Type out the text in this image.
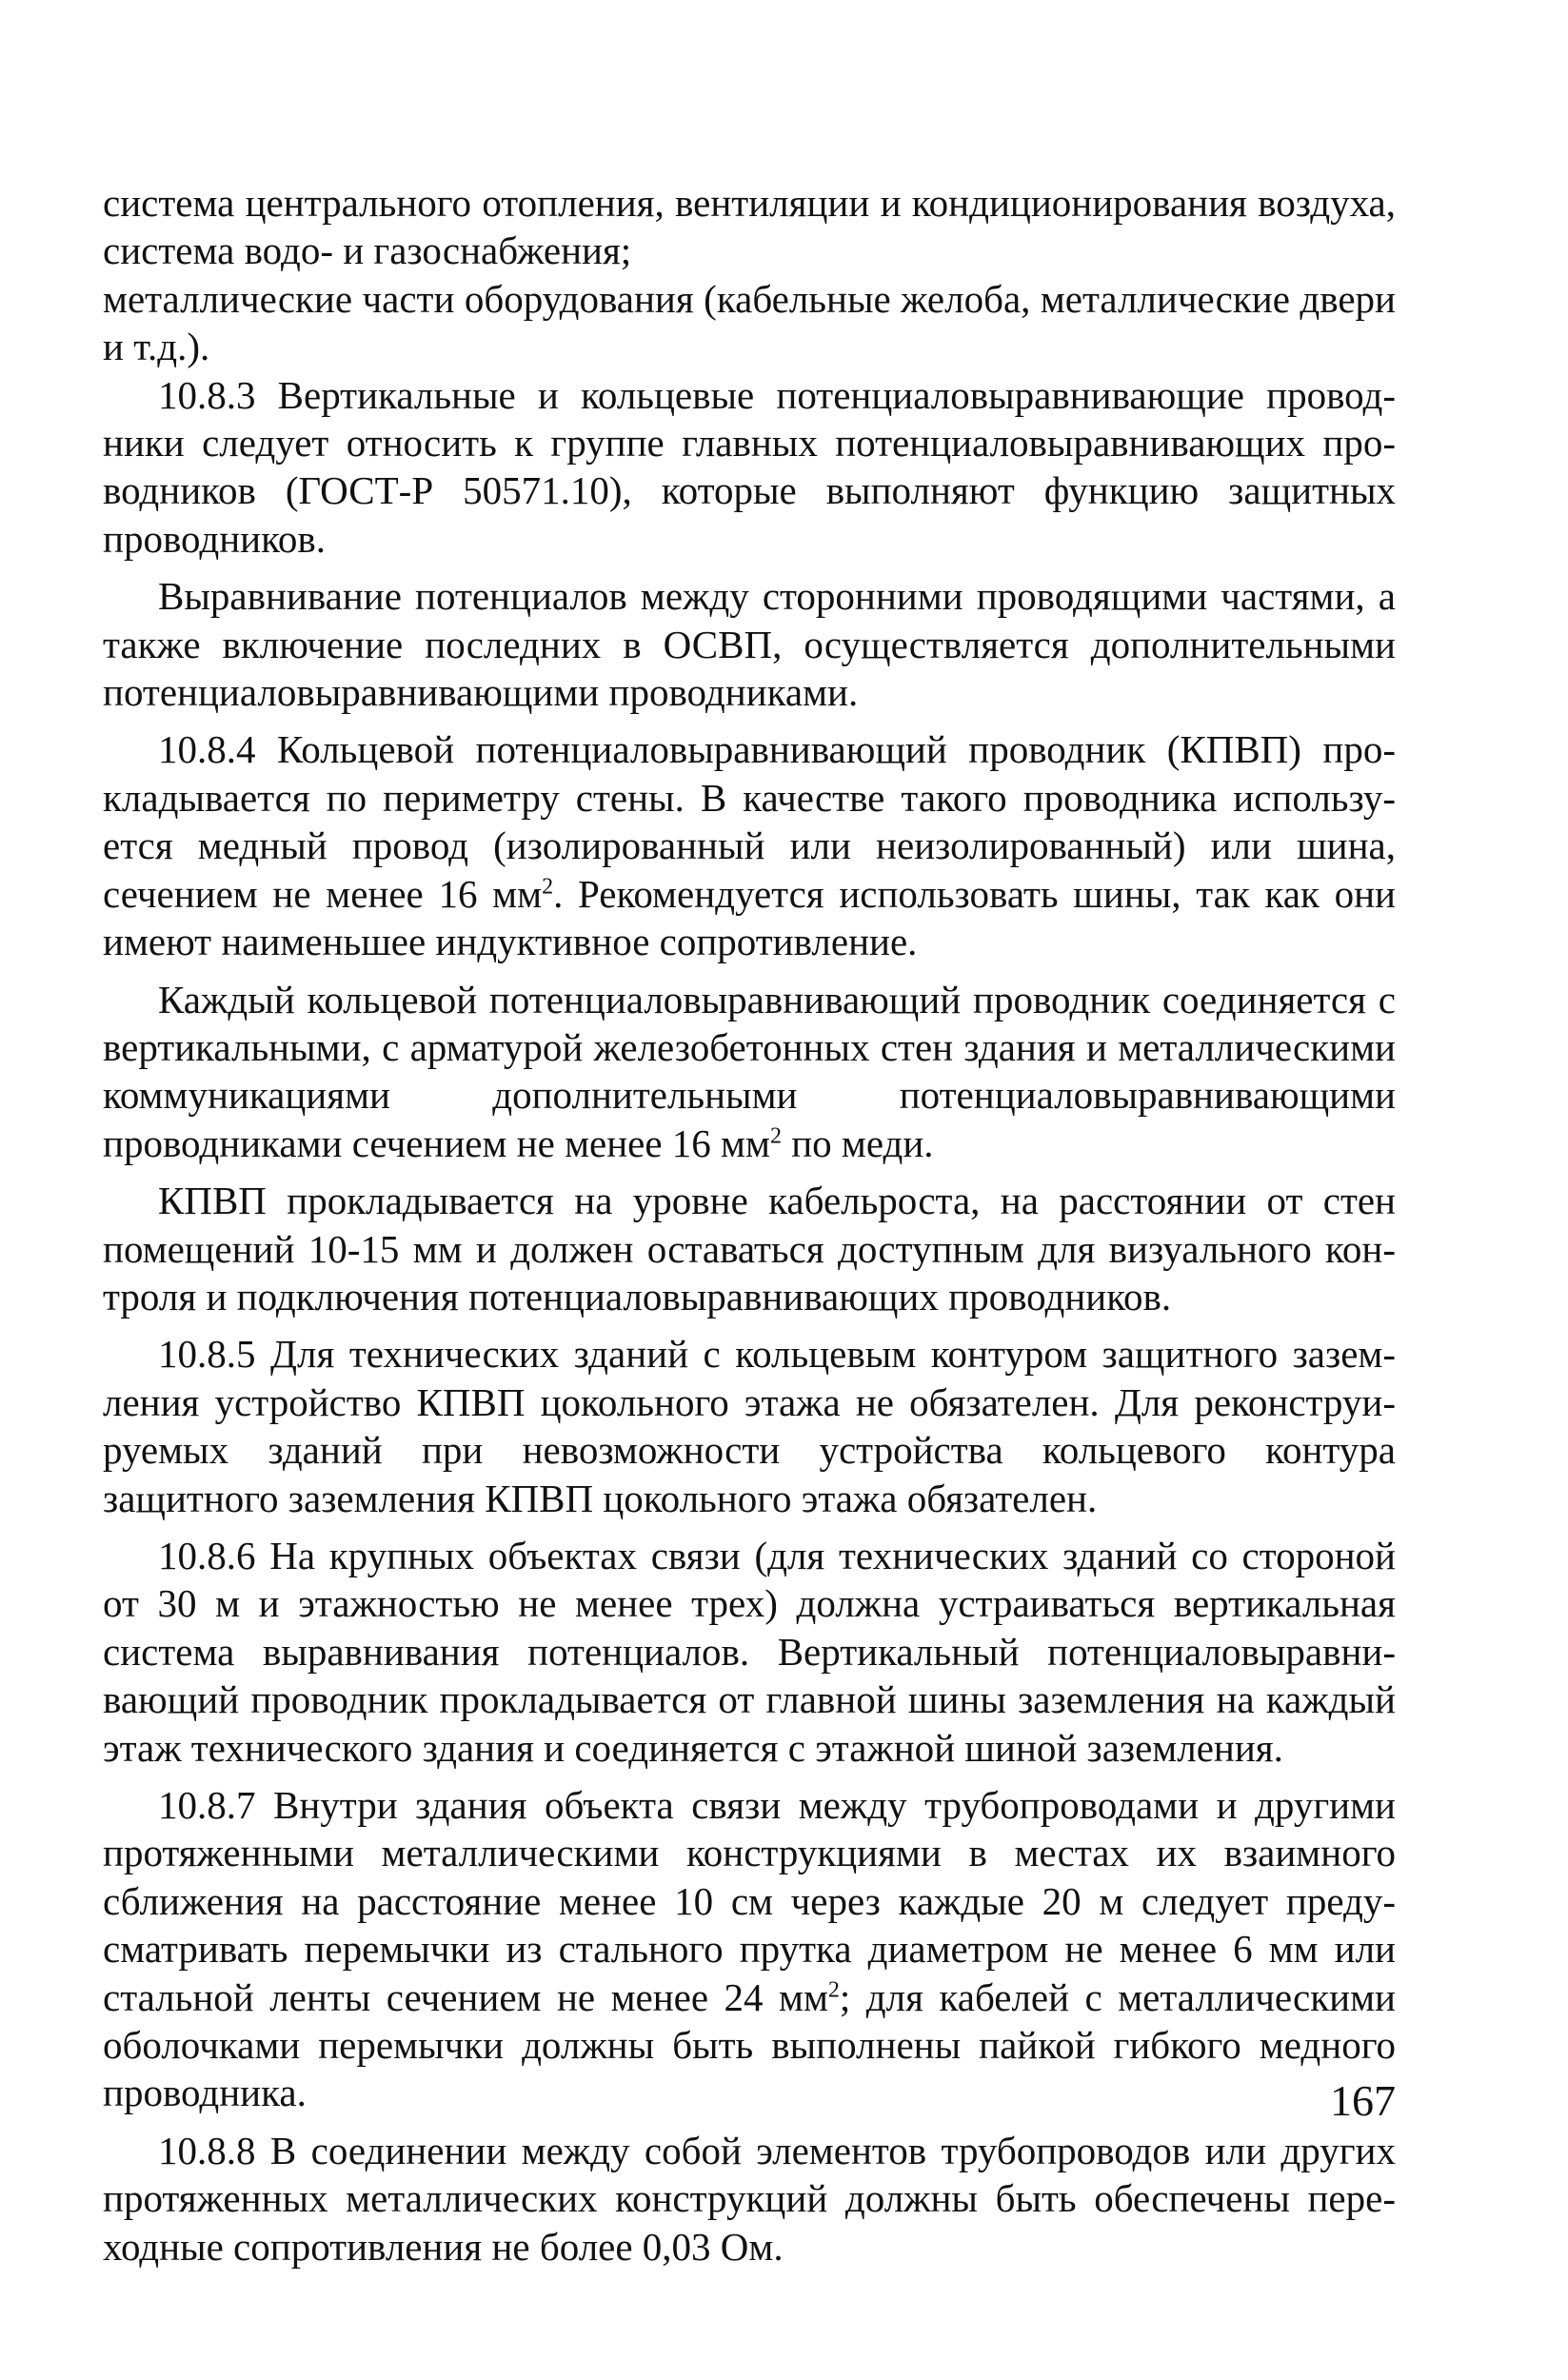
система центрального отопления, вентиляции и кондиционирования воздуха, система водо- и газоснабжения;

металлические части оборудования (кабельные желоба, металлические двери и т.д.).

10.8.3 Вертикальные и кольцевые потенциаловыравнивающие проводники следует относить к группе главных потенциаловыравнивающих проводников (ГОСТ-Р 50571.10), которые выполняют функцию защитных проводников.

Выравнивание потенциалов между сторонними проводящими частями, а также включение последних в ОСВП, осуществляется дополнительными потенциаловыравнивающими проводниками.

10.8.4 Кольцевой потенциаловыравнивающий проводник (КПВП) прокладывается по периметру стены. В качестве такого проводника используется медный провод (изолированный или неизолированный) или шина, сечением не менее 16 $мм^2$. Рекомендуется использовать шины, так как они имеют наименьшее индуктивное сопротивление.

Каждый кольцевой потенциаловыравнивающий проводник соединяется с вертикальными, с арматурой железобетонных стен здания и металлическими коммуникациями дополнительными потенциаловыравнивающими проводниками сечением не менее 16 $мм^2$ по меди.

КПВП прокладывается на уровне кабельроста, на расстоянии от стен помещений 10-15 мм и должен оставаться доступным для визуального контроля и подключения потенциаловыравнивающих проводников.

10.8.5 Для технических зданий с кольцевым контуром защитного заземления устройство КПВП цокольного этажа не обязателен. Для реконструируемых зданий при невозможности устройства кольцевого контура защитного заземления КПВП цокольного этажа обязателен.

10.8.6 На крупных объектах связи (для технических зданий со стороной от 30 м и этажностью не менее трех) должна устраиваться вертикальная система выравнивания потенциалов. Вертикальный потенциаловыравнивающий проводник прокладывается от главной шины заземления на каждый этаж технического здания и соединяется с этажной шиной заземления.

10.8.7 Внутри здания объекта связи между трубопроводами и другими протяженными металлическими конструкциями в местах их взаимного сближения на расстояние менее 10 см через каждые 20 м следует предусматривать перемычки из стального прутка диаметром не менее 6 мм или стальной ленты сечением не менее 24 $мм^2$; для кабелей с металлическими оболочками перемычки должны быть выполнены пайкой гибкого медного проводника.

10.8.8 В соединении между собой элементов трубопроводов или других протяженных металлических конструкций должны быть обеспечены переходные сопротивления не более 0,03 Ом.

167
